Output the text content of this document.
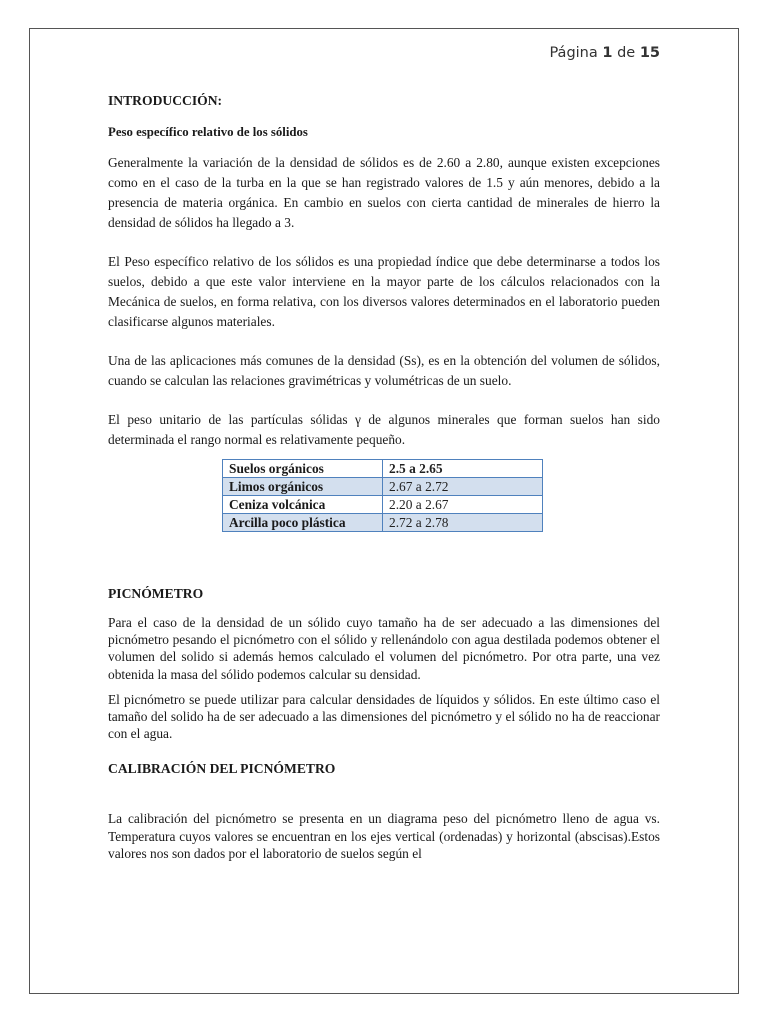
Página 1 de 15
INTRODUCCIÓN:
Peso específico relativo de los sólidos

Generalmente la variación de la densidad de sólidos es de 2.60 a 2.80, aunque existen excepciones como en el caso de la turba en la que se han registrado valores de 1.5 y aún menores, debido a la presencia de materia orgánica. En cambio en suelos con cierta cantidad de minerales de hierro la densidad de sólidos ha llegado a 3.

El Peso específico relativo de los sólidos es una propiedad índice que debe determinarse a todos los suelos, debido a que este valor interviene en la mayor parte de los cálculos relacionados con la Mecánica de suelos, en forma relativa, con los diversos valores determinados en el laboratorio pueden clasificarse algunos materiales.

Una de las aplicaciones más comunes de la densidad (Ss), es en la obtención del volumen de sólidos, cuando se calculan las relaciones gravimétricas y volumétricas de un suelo.

El peso unitario de las partículas sólidas γ de algunos minerales que forman suelos han sido determinada el rango normal es relativamente pequeño.

Suelos orgánicos	2.5 a 2.65
Limos orgánicos	2.67 a 2.72
Ceniza volcánica	2.20 a 2.67
Arcilla poco plástica	2.72 a 2.78
PICNÓMETRO

Para el caso de la densidad de un sólido cuyo tamaño ha de ser adecuado a las dimensiones del picnómetro pesando el picnómetro con el sólido y rellenándolo con agua destilada podemos obtener el volumen del solido si además hemos calculado el volumen del picnómetro. Por otra parte, una vez obtenida la masa del sólido podemos calcular su densidad.

El picnómetro se puede utilizar para calcular densidades de líquidos y sólidos. En este último caso el tamaño del solido ha de ser adecuado a las dimensiones del picnómetro y el sólido no ha de reaccionar con el agua.

CALIBRACIÓN DEL PICNÓMETRO

La calibración del picnómetro se presenta en un diagrama peso del picnómetro lleno de agua vs. Temperatura cuyos valores se encuentran en los ejes vertical (ordenadas) y horizontal (abscisas).Estos valores nos son dados por el laboratorio de suelos según el
